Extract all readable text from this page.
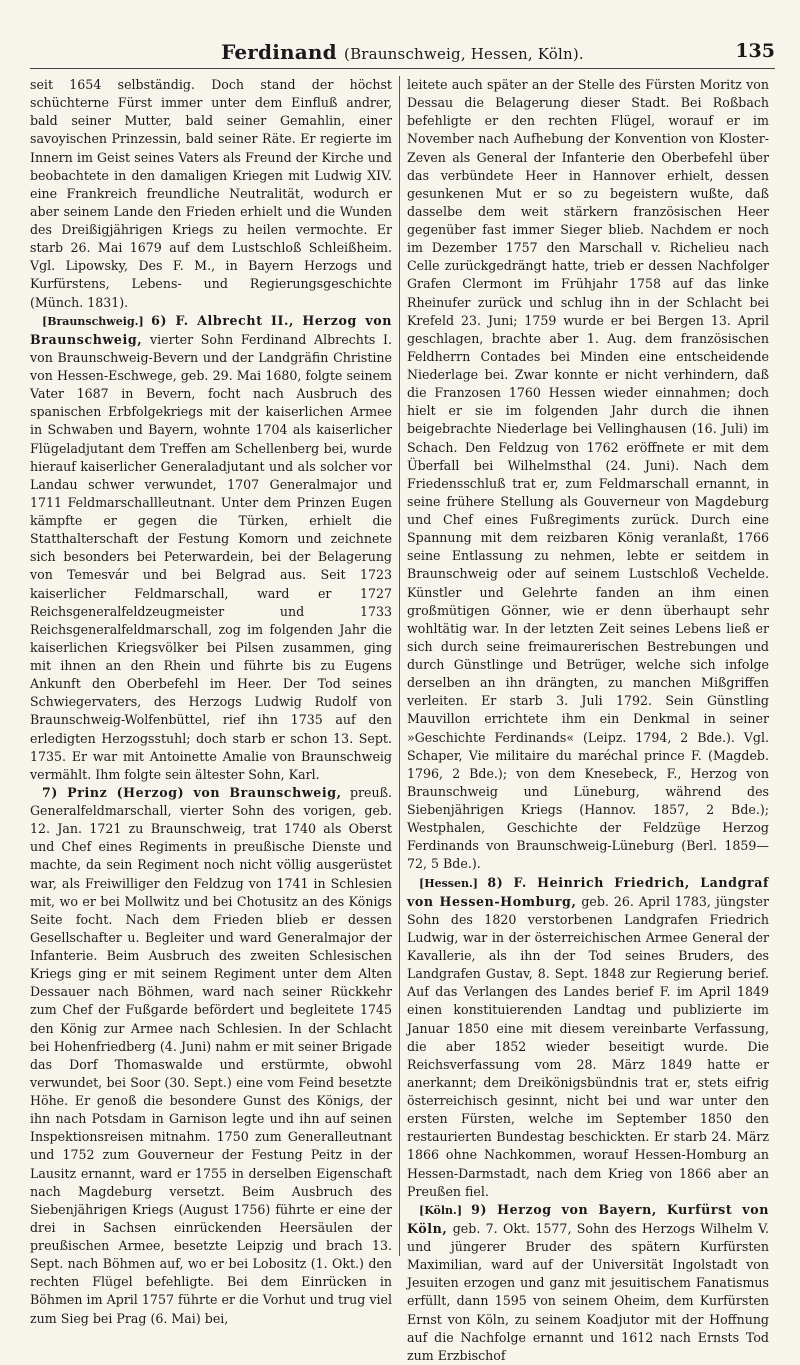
Ferdinand (Braunschweig, Hessen, Köln).	135

seit 1654 selbständig. Doch stand der höchst schüchterne Fürst immer unter dem Einfluß andrer, bald seiner Mutter, bald seiner Gemahlin, einer savoyischen Prinzessin, bald seiner Räte. Er regierte im Innern im Geist seines Vaters als Freund der Kirche und beobachtete in den damaligen Kriegen mit Ludwig XIV. eine Frankreich freundliche Neutralität, wodurch er aber seinem Lande den Frieden erhielt und die Wunden des Dreißigjährigen Kriegs zu heilen vermochte. Er starb 26. Mai 1679 auf dem Lustschloß Schleißheim. Vgl. Lipowsky, Des F. M., in Bayern Herzogs und Kurfürstens, Lebens- und Regierungsgeschichte (Münch. 1831).

[Braunschweig.] 6) F. Albrecht II., Herzog von Braunschweig, vierter Sohn Ferdinand Albrechts I. von Braunschweig-Bevern und der Landgräfin Christine von Hessen-Eschwege, geb. 29. Mai 1680, folgte seinem Vater 1687 in Bevern, focht nach Ausbruch des spanischen Erbfolgekriegs mit der kaiserlichen Armee in Schwaben und Bayern, wohnte 1704 als kaiserlicher Flügeladjutant dem Treffen am Schellenberg bei, wurde hierauf kaiserlicher Generaladjutant und als solcher vor Landau schwer verwundet, 1707 Generalmajor und 1711 Feldmarschallleutnant. Unter dem Prinzen Eugen kämpfte er gegen die Türken, erhielt die Statthalterschaft der Festung Komorn und zeichnete sich besonders bei Peterwardein, bei der Belagerung von Temesvár und bei Belgrad aus. Seit 1723 kaiserlicher Feldmarschall, ward er 1727 Reichsgeneralfeldzeugmeister und 1733 Reichsgeneralfeldmarschall, zog im folgenden Jahr die kaiserlichen Kriegsvölker bei Pilsen zusammen, ging mit ihnen an den Rhein und führte bis zu Eugens Ankunft den Oberbefehl im Heer. Der Tod seines Schwiegervaters, des Herzogs Ludwig Rudolf von Braunschweig-Wolfenbüttel, rief ihn 1735 auf den erledigten Herzogsstuhl; doch starb er schon 13. Sept. 1735. Er war mit Antoinette Amalie von Braunschweig vermählt. Ihm folgte sein ältester Sohn, Karl.

7) Prinz (Herzog) von Braunschweig, preuß. Generalfeldmarschall, vierter Sohn des vorigen, geb. 12. Jan. 1721 zu Braunschweig, trat 1740 als Oberst und Chef eines Regiments in preußische Dienste und machte, da sein Regiment noch nicht völlig ausgerüstet war, als Freiwilliger den Feldzug von 1741 in Schlesien mit, wo er bei Mollwitz und bei Chotusitz an des Königs Seite focht. Nach dem Frieden blieb er dessen Gesellschafter u. Begleiter und ward Generalmajor der Infanterie. Beim Ausbruch des zweiten Schlesischen Kriegs ging er mit seinem Regiment unter dem Alten Dessauer nach Böhmen, ward nach seiner Rückkehr zum Chef der Fußgarde befördert und begleitete 1745 den König zur Armee nach Schlesien. In der Schlacht bei Hohenfriedberg (4. Juni) nahm er mit seiner Brigade das Dorf Thomaswalde und erstürmte, obwohl verwundet, bei Soor (30. Sept.) eine vom Feind besetzte Höhe. Er genoß die besondere Gunst des Königs, der ihn nach Potsdam in Garnison legte und ihn auf seinen Inspektionsreisen mitnahm. 1750 zum Generalleutnant und 1752 zum Gouverneur der Festung Peitz in der Lausitz ernannt, ward er 1755 in derselben Eigenschaft nach Magdeburg versetzt. Beim Ausbruch des Siebenjährigen Kriegs (August 1756) führte er eine der drei in Sachsen einrückenden Heersäulen der preußischen Armee, besetzte Leipzig und brach 13. Sept. nach Böhmen auf, wo er bei Lobositz (1. Okt.) den rechten Flügel befehligte. Bei dem Einrücken in Böhmen im April 1757 führte er die Vorhut und trug viel zum Sieg bei Prag (6. Mai) bei,

leitete auch später an der Stelle des Fürsten Moritz von Dessau die Belagerung dieser Stadt. Bei Roßbach befehligte er den rechten Flügel, worauf er im November nach Aufhebung der Konvention von Kloster-Zeven als General der Infanterie den Oberbefehl über das verbündete Heer in Hannover erhielt, dessen gesunkenen Mut er so zu begeistern wußte, daß dasselbe dem weit stärkern französischen Heer gegenüber fast immer Sieger blieb. Nachdem er noch im Dezember 1757 den Marschall v. Richelieu nach Celle zurückgedrängt hatte, trieb er dessen Nachfolger Grafen Clermont im Frühjahr 1758 auf das linke Rheinufer zurück und schlug ihn in der Schlacht bei Krefeld 23. Juni; 1759 wurde er bei Bergen 13. April geschlagen, brachte aber 1. Aug. dem französischen Feldherrn Contades bei Minden eine entscheidende Niederlage bei. Zwar konnte er nicht verhindern, daß die Franzosen 1760 Hessen wieder einnahmen; doch hielt er sie im folgenden Jahr durch die ihnen beigebrachte Niederlage bei Vellinghausen (16. Juli) im Schach. Den Feldzug von 1762 eröffnete er mit dem Überfall bei Wilhelmsthal (24. Juni). Nach dem Friedensschluß trat er, zum Feldmarschall ernannt, in seine frühere Stellung als Gouverneur von Magdeburg und Chef eines Fußregiments zurück. Durch eine Spannung mit dem reizbaren König veranlaßt, 1766 seine Entlassung zu nehmen, lebte er seitdem in Braunschweig oder auf seinem Lustschloß Vechelde. Künstler und Gelehrte fanden an ihm einen großmütigen Gönner, wie er denn überhaupt sehr wohltätig war. In der letzten Zeit seines Lebens ließ er sich durch seine freimaurerischen Bestrebungen und durch Günstlinge und Betrüger, welche sich infolge derselben an ihn drängten, zu manchen Mißgriffen verleiten. Er starb 3. Juli 1792. Sein Günstling Mauvillon errichtete ihm ein Denkmal in seiner »Geschichte Ferdinands« (Leipz. 1794, 2 Bde.). Vgl. Schaper, Vie militaire du maréchal prince F. (Magdeb. 1796, 2 Bde.); von dem Knesebeck, F., Herzog von Braunschweig und Lüneburg, während des Siebenjährigen Kriegs (Hannov. 1857, 2 Bde.); Westphalen, Geschichte der Feldzüge Herzog Ferdinands von Braunschweig-Lüneburg (Berl. 1859—72, 5 Bde.).

[Hessen.] 8) F. Heinrich Friedrich, Landgraf von Hessen-Homburg, geb. 26. April 1783, jüngster Sohn des 1820 verstorbenen Landgrafen Friedrich Ludwig, war in der österreichischen Armee General der Kavallerie, als ihn der Tod seines Bruders, des Landgrafen Gustav, 8. Sept. 1848 zur Regierung berief. Auf das Verlangen des Landes berief F. im April 1849 einen konstituierenden Landtag und publizierte im Januar 1850 eine mit diesem vereinbarte Verfassung, die aber 1852 wieder beseitigt wurde. Die Reichsverfassung vom 28. März 1849 hatte er anerkannt; dem Dreikönigsbündnis trat er, stets eifrig österreichisch gesinnt, nicht bei und war unter den ersten Fürsten, welche im September 1850 den restaurierten Bundestag beschickten. Er starb 24. März 1866 ohne Nachkommen, worauf Hessen-Homburg an Hessen-Darmstadt, nach dem Krieg von 1866 aber an Preußen fiel.

[Köln.] 9) Herzog von Bayern, Kurfürst von Köln, geb. 7. Okt. 1577, Sohn des Herzogs Wilhelm V. und jüngerer Bruder des spätern Kurfürsten Maximilian, ward auf der Universität Ingolstadt von Jesuiten erzogen und ganz mit jesuitischem Fanatismus erfüllt, dann 1595 von seinem Oheim, dem Kurfürsten Ernst von Köln, zu seinem Koadjutor mit der Hoffnung auf die Nachfolge ernannt und 1612 nach Ernsts Tod zum Erzbischof
